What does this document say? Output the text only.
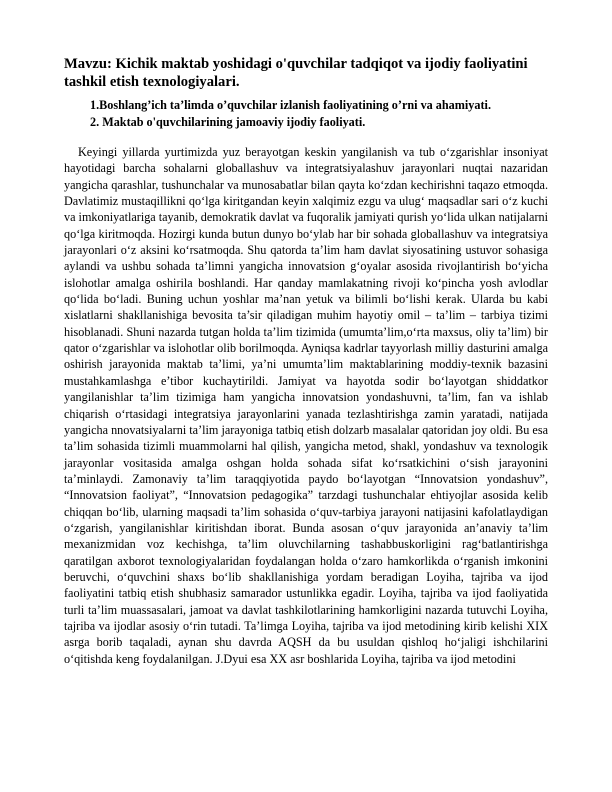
Mavzu: Kichik maktab yoshidagi o'quvchilar tadqiqot va ijodiy faoliyatini tashkil etish texnologiyalari.
1.Boshlang’ich ta’limda o’quvchilar izlanish faoliyatining o’rni va ahamiyati.
2. Maktab o'quvchilarining jamoaviy ijodiy faoliyati.

Keyingi yillarda yurtimizda yuz berayotgan keskin yangilanish va tub o‘zgarishlar insoniyat hayotidagi barcha sohalarni globallashuv va integratsiyalashuv jarayonlari nuqtai nazaridan yangicha qarashlar, tushunchalar va munosabatlar bilan qayta ko‘zdan kechirishni taqazo etmoqda. Davlatimiz mustaqillikni qo‘lga kiritgandan keyin xalqimiz ezgu va ulug‘ maqsadlar sari o‘z kuchi va imkoniyatlariga tayanib, demokratik davlat va fuqoralik jamiyati qurish yo‘lida ulkan natijalarni qo‘lga kiritmoqda. Hozirgi kunda butun dunyo bo‘ylab har bir sohada globallashuv va integratsiya jarayonlari o‘z aksini ko‘rsatmoqda. Shu qatorda ta’lim ham davlat siyosatining ustuvor sohasiga aylandi va ushbu sohada ta’limni yangicha innovatsion g‘oyalar asosida rivojlantirish bo‘yicha islohotlar amalga oshirila boshlandi. Har qanday mamlakatning rivoji ko‘pincha yosh avlodlar qo‘lida bo‘ladi. Buning uchun yoshlar ma’nan yetuk va bilimli bo‘lishi kerak. Ularda bu kabi xislatlarni shakllanishiga bevosita ta’sir qiladigan muhim hayotiy omil – ta’lim – tarbiya tizimi hisoblanadi. Shuni nazarda tutgan holda ta’lim tizimida (umumta’lim,o‘rta maxsus, oliy ta’lim) bir qator o‘zgarishlar va islohotlar olib borilmoqda. Ayniqsa kadrlar tayyorlash milliy dasturini amalga oshirish jarayonida maktab ta’limi, ya’ni umumta’lim maktablarining moddiy-texnik bazasini mustahkamlashga e’tibor kuchaytirildi. Jamiyat va hayotda sodir bo‘layotgan shiddatkor yangilanishlar ta’lim tizimiga ham yangicha innovatsion yondashuvni, ta’lim, fan va ishlab chiqarish o‘rtasidagi integratsiya jarayonlarini yanada tezlashtirishga zamin yaratadi, natijada yangicha nnovatsiyalarni ta’lim jarayoniga tatbiq etish dolzarb masalalar qatoridan joy oldi. Bu esa ta’lim sohasida tizimli muammolarni hal qilish, yangicha metod, shakl, yondashuv va texnologik jarayonlar vositasida amalga oshgan holda sohada sifat ko‘rsatkichini o‘sish jarayonini ta’minlaydi. Zamonaviy ta’lim taraqqiyotida paydo bo‘layotgan “Innovatsion yondashuv”, “Innovatsion faoliyat”, “Innovatsion pedagogika” tarzdagi tushunchalar ehtiyojlar asosida kelib chiqqan bo‘lib, ularning maqsadi ta’lim sohasida o‘quv-tarbiya jarayoni natijasini kafolatlaydigan o‘zgarish, yangilanishlar kiritishdan iborat. Bunda asosan o‘quv jarayonida an’anaviy ta’lim mexanizmidan voz kechishga, ta’lim oluvchilarning tashabbuskorligini rag‘batlantirishga qaratilgan axborot texnologiyalaridan foydalangan holda o‘zaro hamkorlikda o‘rganish imkonini beruvchi, o‘quvchini shaxs bo‘lib shakllanishiga yordam beradigan Loyiha, tajriba va ijod faoliyatini tatbiq etish shubhasiz samarador ustunlikka egadir. Loyiha, tajriba va ijod faoliyatida turli ta’lim muassasalari, jamoat va davlat tashkilotlarining hamkorligini nazarda tutuvchi Loyiha, tajriba va ijodlar asosiy o‘rin tutadi. Ta’limga Loyiha, tajriba va ijod metodining kirib kelishi XIX asrga borib taqaladi, aynan shu davrda AQSH da bu usuldan qishloq ho‘jaligi ishchilarini o‘qitishda keng foydalanilgan. J.Dyui esa XX asr boshlarida Loyiha, tajriba va ijod metodini
